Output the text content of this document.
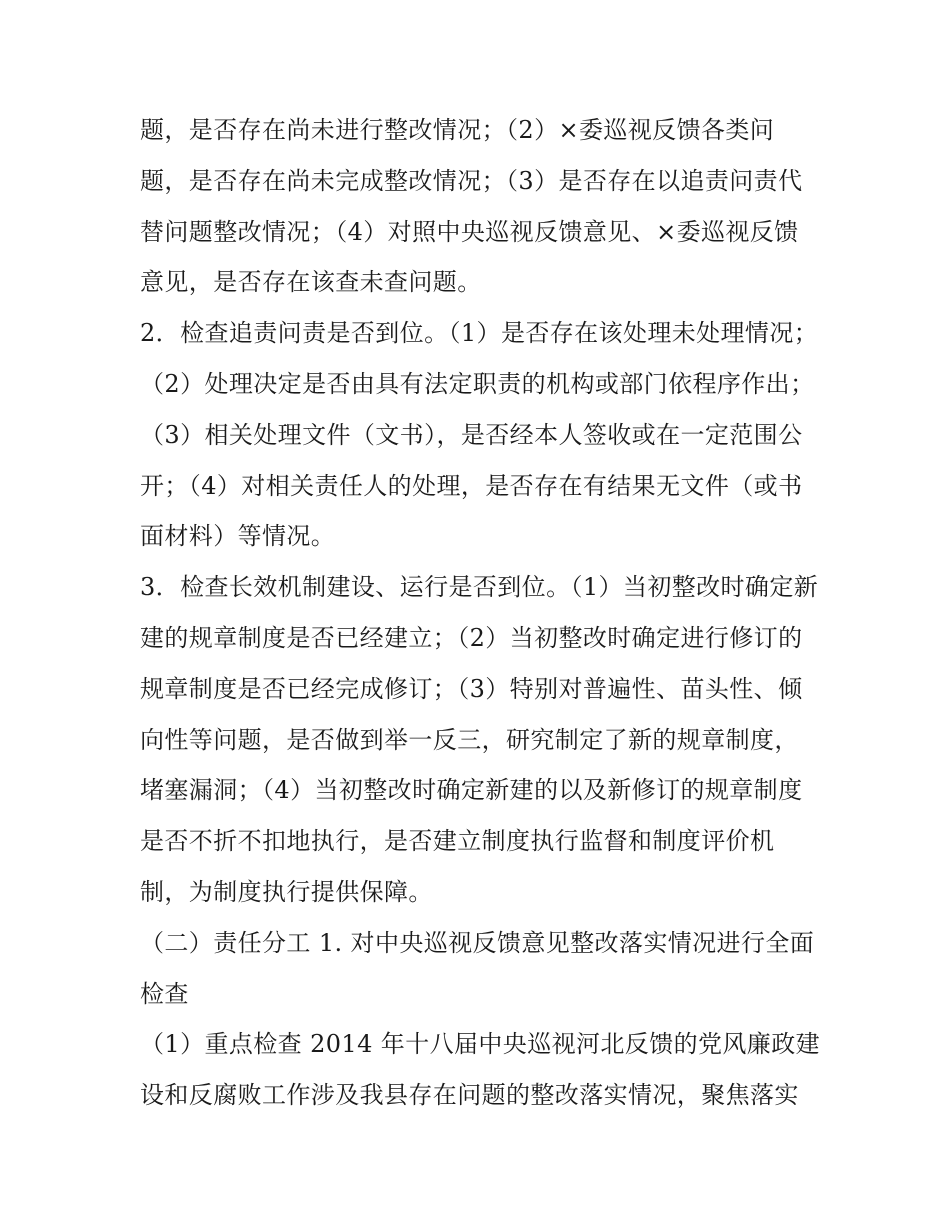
题，是否存在尚未进行整改情况；（2）×委巡视反馈各类问题，是否存在尚未完成整改情况；（3）是否存在以追责问责代替问题整改情况；（4）对照中央巡视反馈意见、×委巡视反馈意见，是否存在该查未查问题。

2．检查追责问责是否到位。（1）是否存在该处理未处理情况；（2）处理决定是否由具有法定职责的机构或部门依程序作出；（3）相关处理文件（文书），是否经本人签收或在一定范围公开；（4）对相关责任人的处理，是否存在有结果无文件（或书面材料）等情况。

3．检查长效机制建设、运行是否到位。（1）当初整改时确定新建的规章制度是否已经建立；（2）当初整改时确定进行修订的规章制度是否已经完成修订；（3）特别对普遍性、苗头性、倾向性等问题，是否做到举一反三，研究制定了新的规章制度，堵塞漏洞；（4）当初整改时确定新建的以及新修订的规章制度是否不折不扣地执行，是否建立制度执行监督和制度评价机制，为制度执行提供保障。

（二）责任分工 1. 对中央巡视反馈意见整改落实情况进行全面检查

（1）重点检查 2014 年十八届中央巡视河北反馈的党风廉政建设和反腐败工作涉及我县存在问题的整改落实情况，聚焦落实
